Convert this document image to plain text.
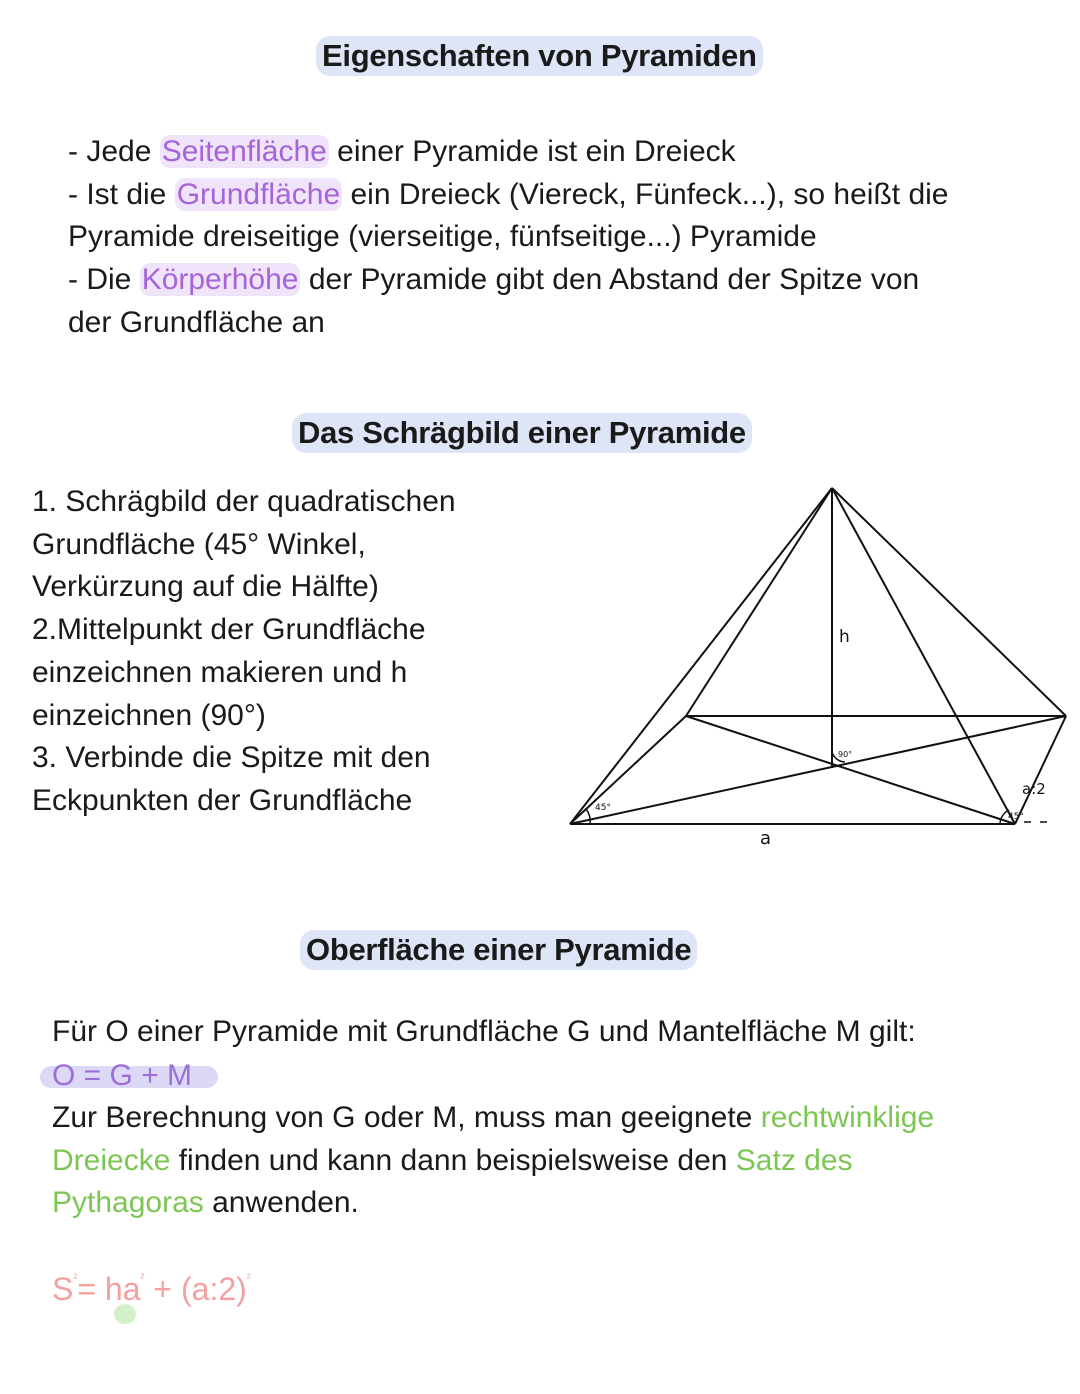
Eigenschaften von Pyramiden
- Jede Seitenfläche einer Pyramide ist ein Dreieck
- Ist die Grundfläche ein Dreieck (Viereck, Fünfeck...), so heißt die
Pyramide dreiseitige (vierseitige, fünfseitige...) Pyramide
- Die Körperhöhe der Pyramide gibt den Abstand der Spitze von
der Grundfläche an
Das Schrägbild einer Pyramide
1. Schrägbild der quadratischen
Grundfläche (45° Winkel,
Verkürzung auf die Hälfte)
2.Mittelpunkt der Grundfläche
einzeichnen makieren und h
einzeichnen (90°)
3. Verbinde die Spitze mit den
Eckpunkten der Grundfläche
h
a
a:2
45°
45°
90°
Oberfläche einer Pyramide
Für O einer Pyramide mit Grundfläche G und Mantelfläche M gilt:
O = G + M
Zur Berechnung von G oder M, muss man geeignete rechtwinklige
Dreiecke finden und kann dann beispielsweise den Satz des
Pythagoras anwenden.
$S^{^2}= ha^{^2}$ + (a:2)$^{^2}$
